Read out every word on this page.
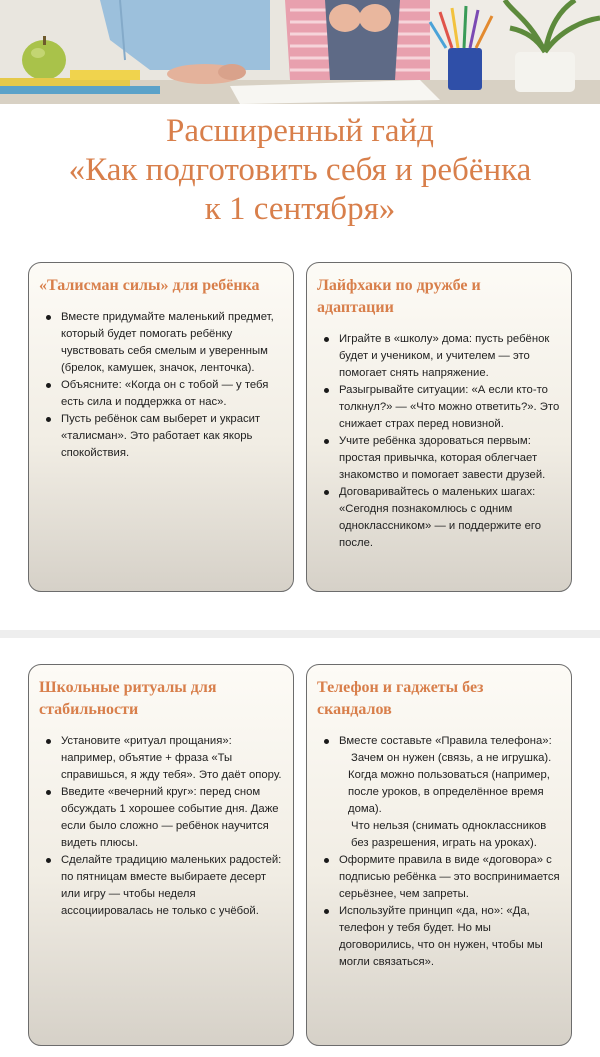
Расширенный гайд
«Как подготовить себя и ребёнка
к 1 сентября»
«Талисман силы» для ребёнка
Вместе придумайте маленький предмет, который будет помогать ребёнку чувствовать себя смелым и уверенным (брелок, камушек, значок, ленточка).
Объясните: «Когда он с тобой — у тебя есть сила и поддержка от нас».
Пусть ребёнок сам выберет и украсит «талисман». Это работает как якорь спокойствия.
Лайфхаки по дружбе и адаптации
Играйте в «школу» дома: пусть ребёнок будет и учеником, и учителем — это помогает снять напряжение.
Разыгрывайте ситуации: «А если кто-то толкнул?» — «Что можно ответить?». Это снижает страх перед новизной.
Учите ребёнка здороваться первым: простая привычка, которая облегчает знакомство и помогает завести друзей.
Договаривайтесь о маленьких шагах: «Сегодня познакомлюсь с одним одноклассником» — и поддержите его после.
Школьные ритуалы для стабильности
Установите «ритуал прощания»: например, объятие + фраза «Ты справишься, я жду тебя». Это даёт опору.
Введите «вечерний круг»: перед сном обсуждать 1 хорошее событие дня. Даже если было сложно — ребёнок научится видеть плюсы.
Сделайте традицию маленьких радостей: по пятницам вместе выбираете десерт или игру — чтобы неделя ассоциировалась не только с учёбой.
Телефон и гаджеты без скандалов
Вместе составьте «Правила телефона»:
Зачем он нужен (связь, а не игрушка).
Когда можно пользоваться (например, после уроков, в определённое время дома).
Что нельзя (снимать одноклассников без разрешения, играть на уроках).
Оформите правила в виде «договора» с подписью ребёнка — это воспринимается серьёзнее, чем запреты.
Используйте принцип «да, но»: «Да, телефон у тебя будет. Но мы договорились, что он нужен, чтобы мы могли связаться».
